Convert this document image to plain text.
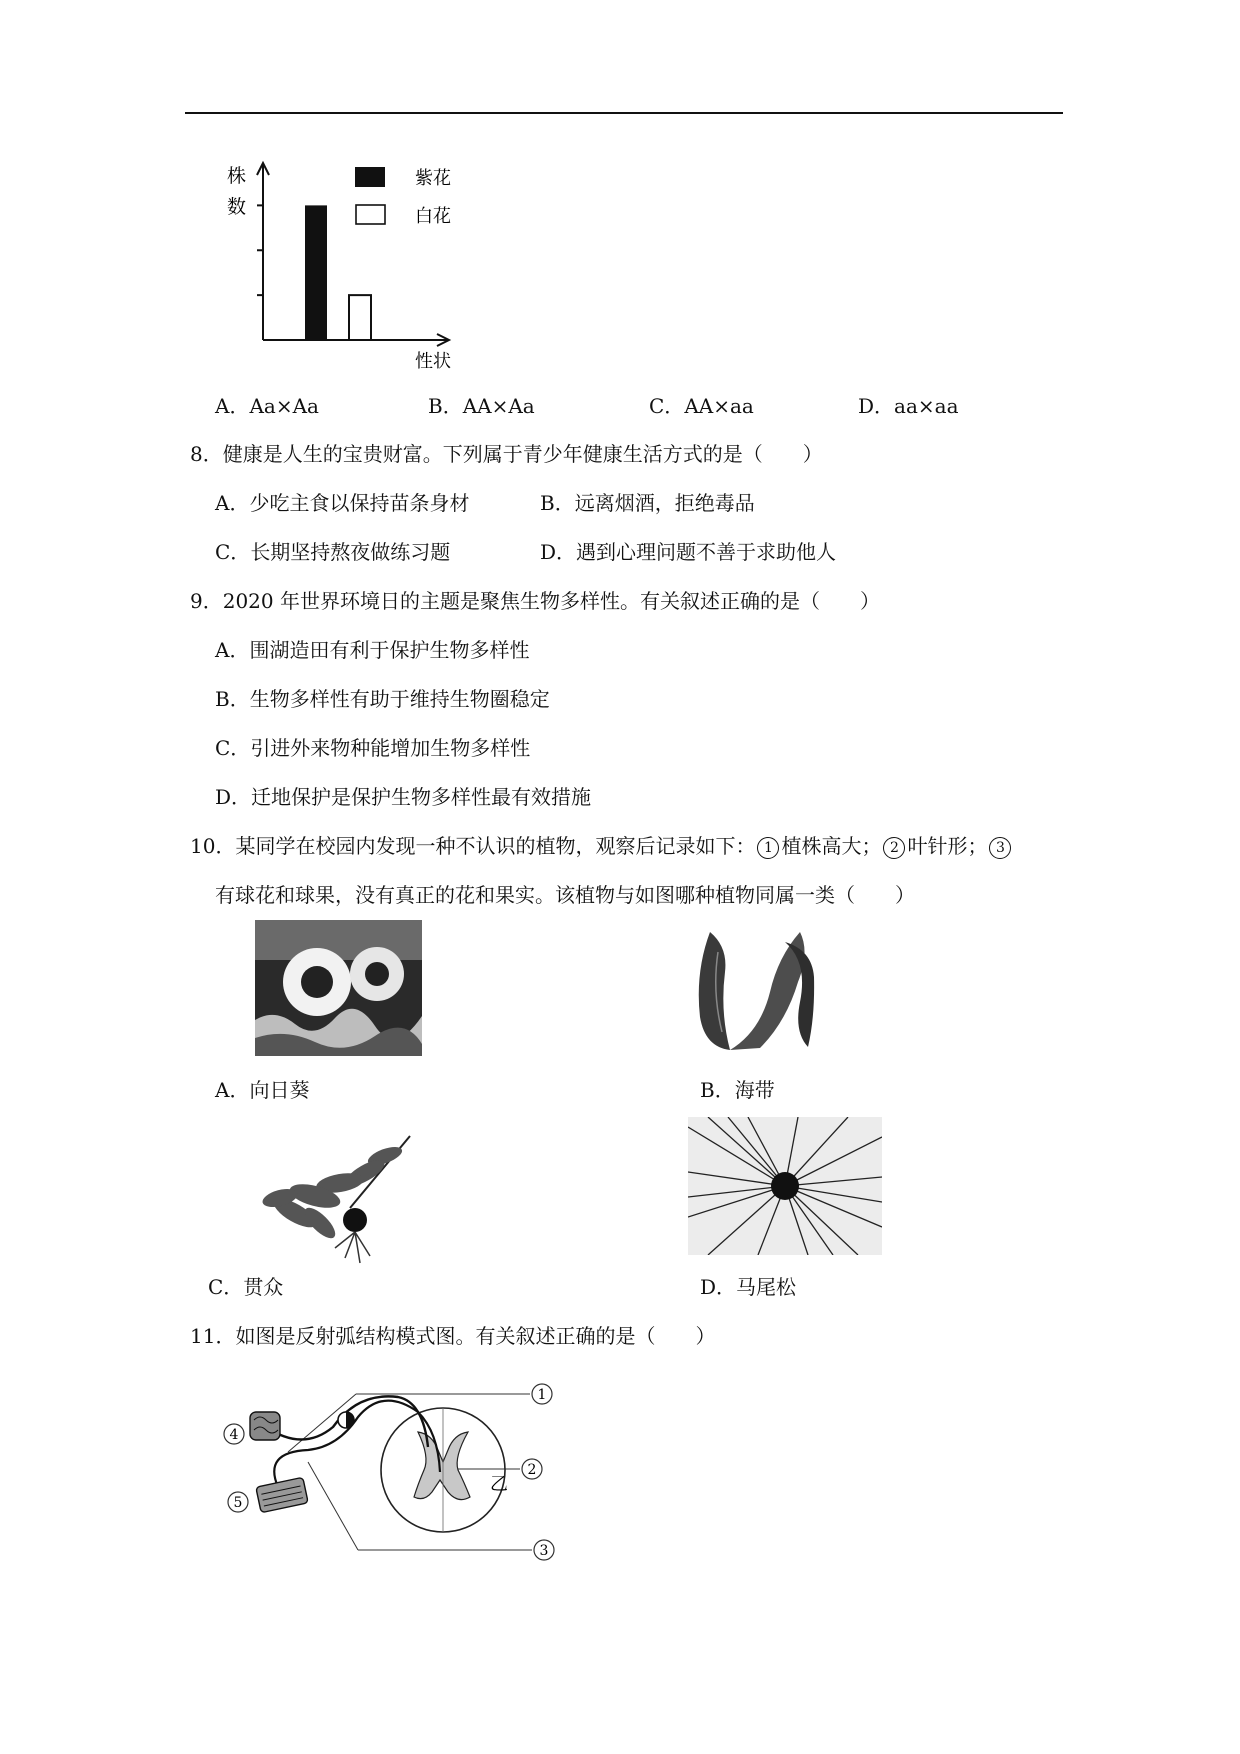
株
数
性状
紫花
白花
A．Aa×Aa	B．AA×Aa	C．AA×aa	D．aa×aa
8．健康是人生的宝贵财富。下列属于青少年健康生活方式的是（　　）
A．少吃主食以保持苗条身材	B．远离烟酒，拒绝毒品
C．长期坚持熬夜做练习题	D．遇到心理问题不善于求助他人
9．2020 年世界环境日的主题是聚焦生物多样性。有关叙述正确的是（　　）
A．围湖造田有利于保护生物多样性
B．生物多样性有助于维持生物圈稳定
C．引进外来物种能增加生物多样性
D．迁地保护是保护生物多样性最有效措施
10．某同学在校园内发现一种不认识的植物，观察后记录如下： 1 植株高大； 2 叶针形； 3
有球花和球果，没有真正的花和果实。该植物与如图哪种植物同属一类（　　）
A．向日葵	B．海带
C．贯众	D．马尾松
11．如图是反射弧结构模式图。有关叙述正确的是（　　）
1
2
3
4
5
乙
